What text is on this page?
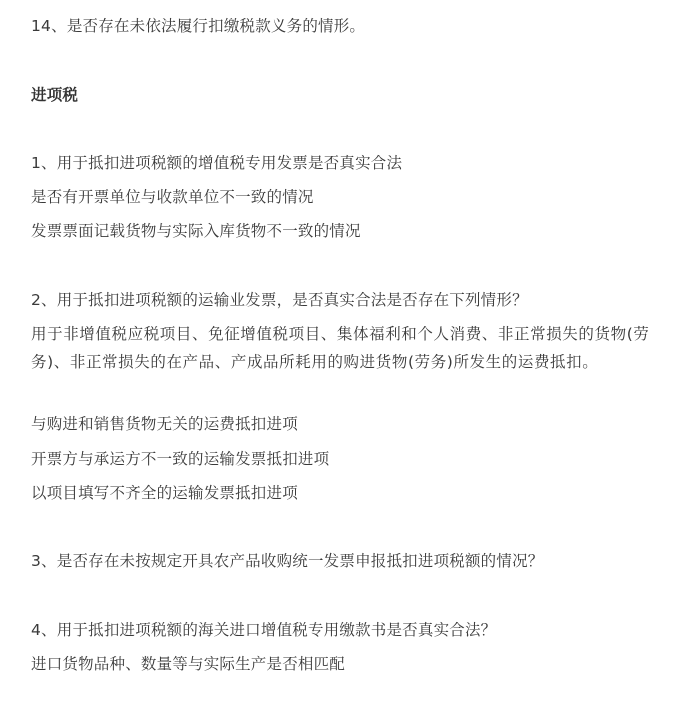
14、是否存在未依法履行扣缴税款义务的情形。
进项税
1、用于抵扣进项税额的增值税专用发票是否真实合法
是否有开票单位与收款单位不一致的情况
发票票面记载货物与实际入库货物不一致的情况
2、用于抵扣进项税额的运输业发票，是否真实合法是否存在下列情形？
用于非增值税应税项目、免征增值税项目、集体福利和个人消费、非正常损失的货物(劳务)、非正常损失的在产品、产成品所耗用的购进货物(劳务)所发生的运费抵扣。
与购进和销售货物无关的运费抵扣进项
开票方与承运方不一致的运输发票抵扣进项
以项目填写不齐全的运输发票抵扣进项
3、是否存在未按规定开具农产品收购统一发票申报抵扣进项税额的情况？
4、用于抵扣进项税额的海关进口增值税专用缴款书是否真实合法？
进口货物品种、数量等与实际生产是否相匹配
